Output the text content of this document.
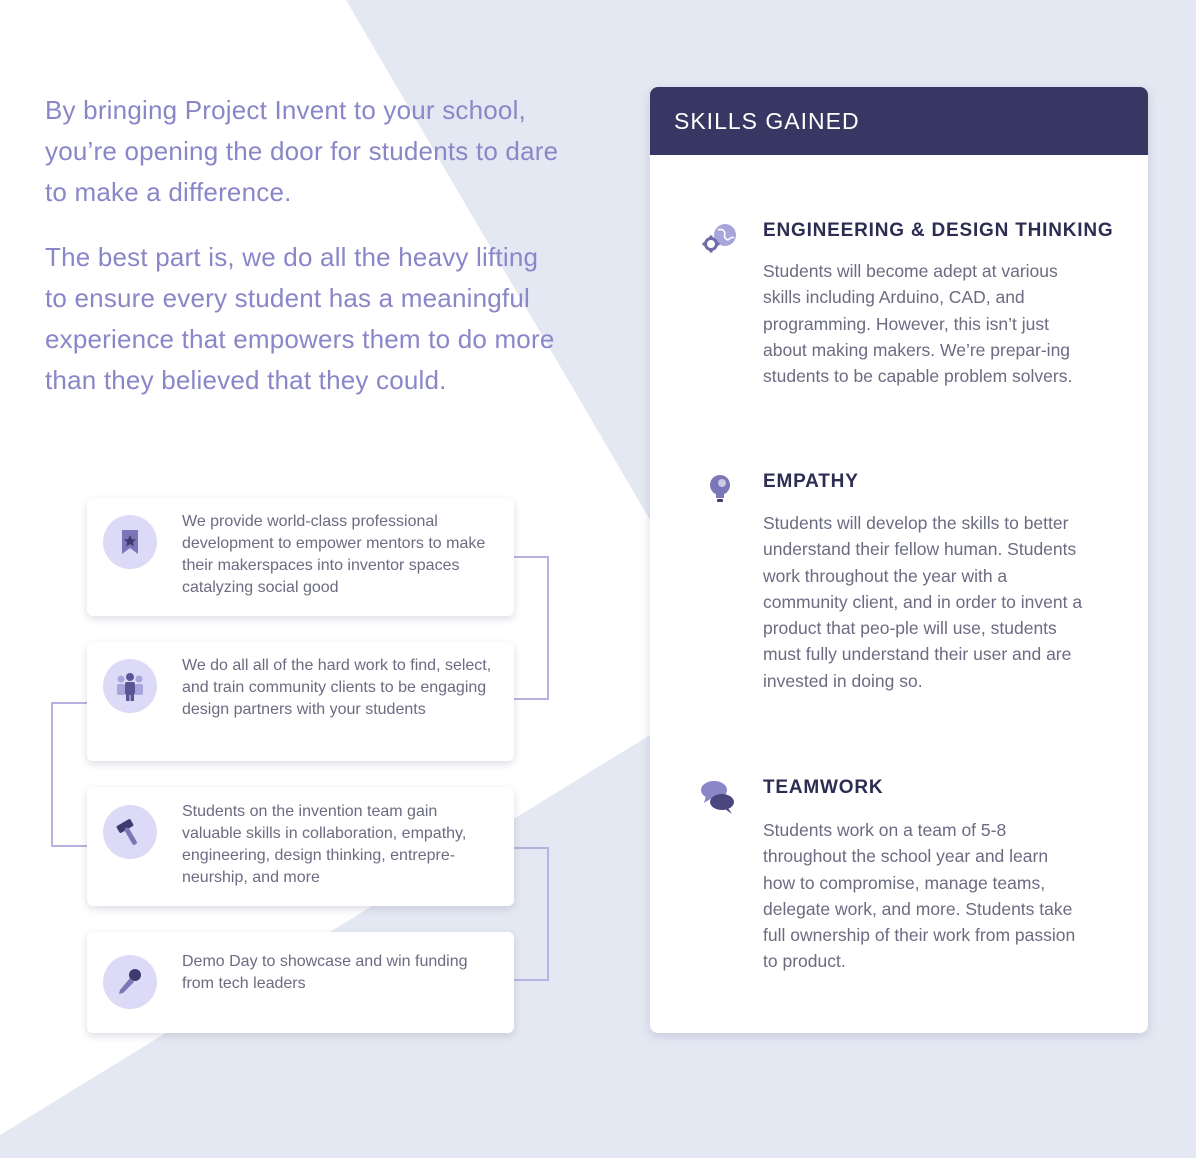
By bringing Project Invent to your school, you’re opening the door for students to dare to make a difference.

The best part is, we do all the heavy lifting to ensure every student has a meaningful experience that empowers them to do more than they believed that they could.

We provide world-class professional development to empower mentors to make their makerspaces into inventor spaces catalyzing social good
We do all all of the hard work to find, select, and train community clients to be engaging design partners with your students
Students on the invention team gain valuable skills in collaboration, empathy, engineering, design thinking, entrepre-neurship, and more
Demo Day to showcase and win funding from tech leaders
SKILLS GAINED
ENGINEERING & DESIGN THINKING
Students will become adept at various skills including Arduino, CAD, and programming. However, this isn’t just about making makers. We’re prepar-ing students to be capable problem solvers.
EMPATHY
Students will develop the skills to better understand their fellow human. Students work throughout the year with a community client, and in order to invent a product that peo-ple will use, students must fully understand their user and are invested in doing so.
TEAMWORK
Students work on a team of 5-8 throughout the school year and learn how to compromise, manage teams, delegate work, and more. Students take full ownership of their work from passion to product.
